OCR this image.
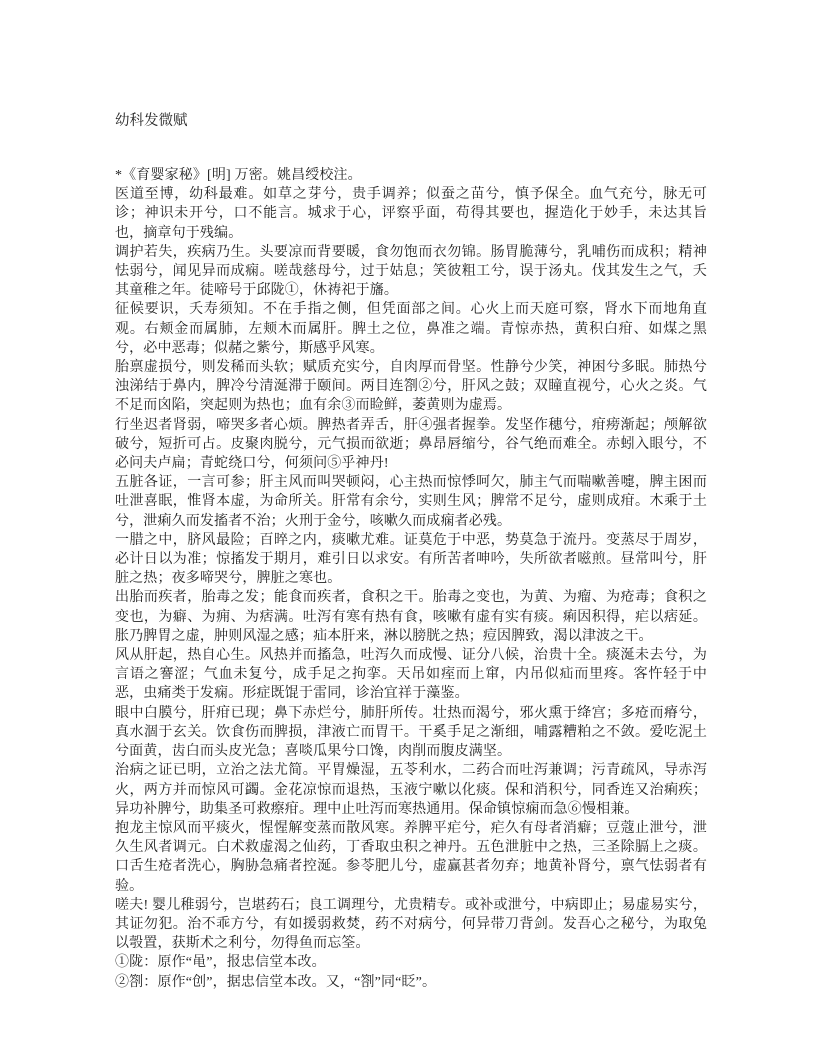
幼科发微赋

*《育婴家秘》[明] 万密。姚昌绶校注。

医道至博，幼科最难。如草之芽兮，贵手调养；似蚕之苗兮，慎予保全。血气充兮，脉无可诊；神识未开兮，口不能言。城求于心，评察乎面，苟得其要也，握造化于妙手，未达其旨也，摘章句于残编。

调护若失，疾病乃生。头要凉而背要暖，食勿饱而衣勿锦。肠胃脆薄兮，乳哺伤而成积；精神怯弱兮，闻见异而成痫。嗟哉慈母兮，过于姑息；笑彼粗工兮，误于汤丸。伐其发生之气，夭其童稚之年。徒啼号于邱陇①，休祷祀于旛。

征候要识，夭寿须知。不在手指之侧，但凭面部之间。心火上而天庭可察，肾水下而地角直观。右颊金而属肺，左颊木而属肝。脾土之位，鼻准之端。青惊赤热，黄积白疳、如煤之黑兮，必中恶毒；似赭之紫兮，斯感乎风寒。

胎禀虚损兮，则发稀而头软；赋质充实兮，自肉厚而骨坚。性静兮少笑，神困兮多眠。肺热兮浊涕结于鼻内，脾冷兮清涎滞于颐间。两目连劄②兮，肝风之鼓；双瞳直视兮，心火之炎。气不足而囟陷，突起则为热也；血有余③而睑鲜，萎黄则为虚焉。

行坐迟者肾弱，啼哭多者心烦。脾热者弄舌，肝④强者握拳。发坚作穗兮，疳痨渐起；颅解欲破兮，短折可占。皮聚肉脱兮，元气损而欲逝；鼻昂唇缩兮，谷气绝而难全。赤蚓入眼兮，不必问夫卢扁；青蛇绕口兮，何须问⑤乎神丹!

五脏各证，一言可参；肝主风而叫哭顿闷，心主热而惊悸呵欠，肺主气而喘嗽善嚏，脾主困而吐泄喜眠，惟肾本虚，为命所关。肝常有余兮，实则生风；脾常不足兮，虚则成疳。木乘于土兮，泄痢久而发搐者不治；火刑于金兮，咳嗽久而成痫者必残。

一腊之中，脐风最险；百晬之内，痰嗽尤难。证莫危于中恶，势莫急于流丹。变蒸尽于周岁，必计日以为准；惊搐发于期月，难引日以求安。有所苦者呻吟，失所欲者嗞煎。昼常叫兮，肝脏之热；夜多啼哭兮，脾脏之寒也。

出胎而疾者，胎毒之发；能食而疾者，食积之干。胎毒之变也，为黄、为瘤、为疮毒；食积之变也，为癖、为痈、为痞满。吐泻有寒有热有食，咳嗽有虚有实有痰。痢因积得，疟以痞延。胀乃脾胃之虚，肿则风湿之感；疝本肝来，淋以膀胱之热；痘因脾致，渴以津波之干。

风从肝起，热自心生。风热并而搐急，吐泻久而成慢、证分八候，治贵十全。痰涎未去兮，为言语之謇涩；气血未复兮，成手足之拘挛。天吊如痓而上窜，内吊似疝而里疼。客忤轻于中恶，虫痛类于发痫。形症既馄于雷同，诊治宜祥于藻鉴。

眼中白膜兮，肝疳已现；鼻下赤烂兮，肺肝所传。壮热而渴兮，邪火熏于绛宫；多疮而瘠兮，真水涸于玄关。饮食伤而脾损，津液亡而胃干。干奚手足之渐细，哺露糟粕之不敛。爱吃泥土兮面黄，齿白而头皮光急；喜啖瓜果兮口馋，肉削而腹皮满坚。

治病之证已明，立治之法尤简。平胃燥湿，五苓利水，二药合而吐泻兼调；污青疏风，导赤泻火，两方并而惊风可蠲。金花凉惊而退热，玉液宁嗽以化痰。保和消积兮，同香连又治痢疾；异功补脾兮，助集圣可救瘵疳。理中止吐泻而寒热通用。保命镇惊痫而急⑥慢相兼。

抱龙主惊风而平痰火，惺惺解变蒸而散风寒。养脾平疟兮，疟久有母者消癖；豆蔻止泄兮，泄久生风者调元。白术救虚渴之仙药，丁香取虫积之神丹。五色泄脏中之热，三圣除膈上之痰。口舌生疮者洗心，胸胁急痛者控涎。参苓肥儿兮，虚赢甚者勿弃；地黄补肾兮，禀气怯弱者有验。

嗟夫! 婴儿稚弱兮，岂堪药石；良工调理兮，尤贵精专。或补或泄兮，中病即止；易虚易实兮，其证勿犯。治不乖方兮，有如援弱救焚，药不对病兮，何异带刀背剑。发吾心之秘兮，为取兔以彀置，获斯术之利兮，勿得鱼而忘筌。

①陇：原作“黾”，报忠信堂本改。

②劄：原作“创”，据忠信堂本改。又，“劄”同“眨”。
